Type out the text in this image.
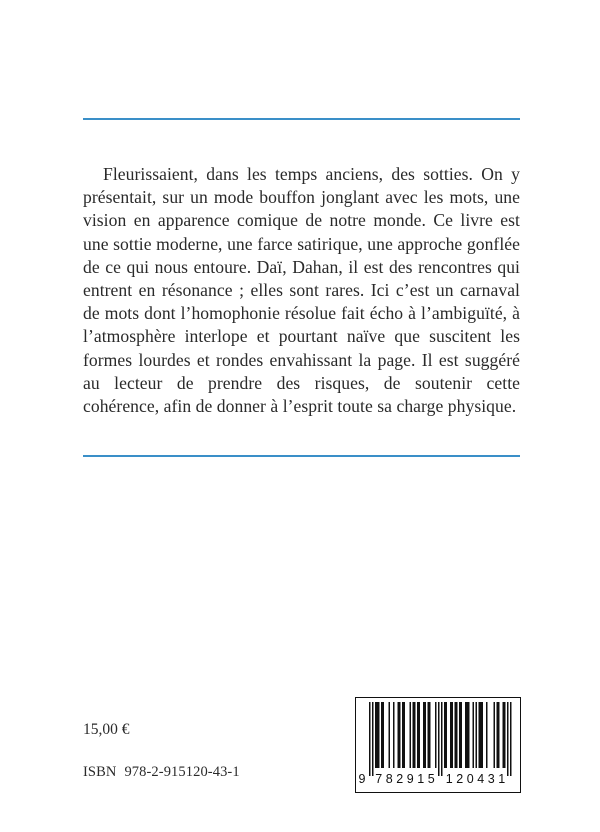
Fleurissaient, dans les temps anciens, des sotties. On y présentait, sur un mode bouffon jonglant avec les mots, une vision en apparence comique de notre monde. Ce livre est une sottie moderne, une farce satirique, une approche gonflée de ce qui nous entoure. Daï, Dahan, il est des rencontres qui entrent en résonance ; elles sont rares. Ici c’est un carnaval de mots dont l’homophonie résolue fait écho à l’ambiguïté, à l’atmosphère interlope et pourtant naïve que suscitent les formes lourdes et rondes envahissant la page. Il est suggéré au lecteur de prendre des risques, de soutenir cette cohérence, afin de donner à l’esprit toute sa charge physique.

15,00 €

ISBN 978-2-915120-43-1	9 7 8 2 9 1 5 1 2 0 4 3 1
